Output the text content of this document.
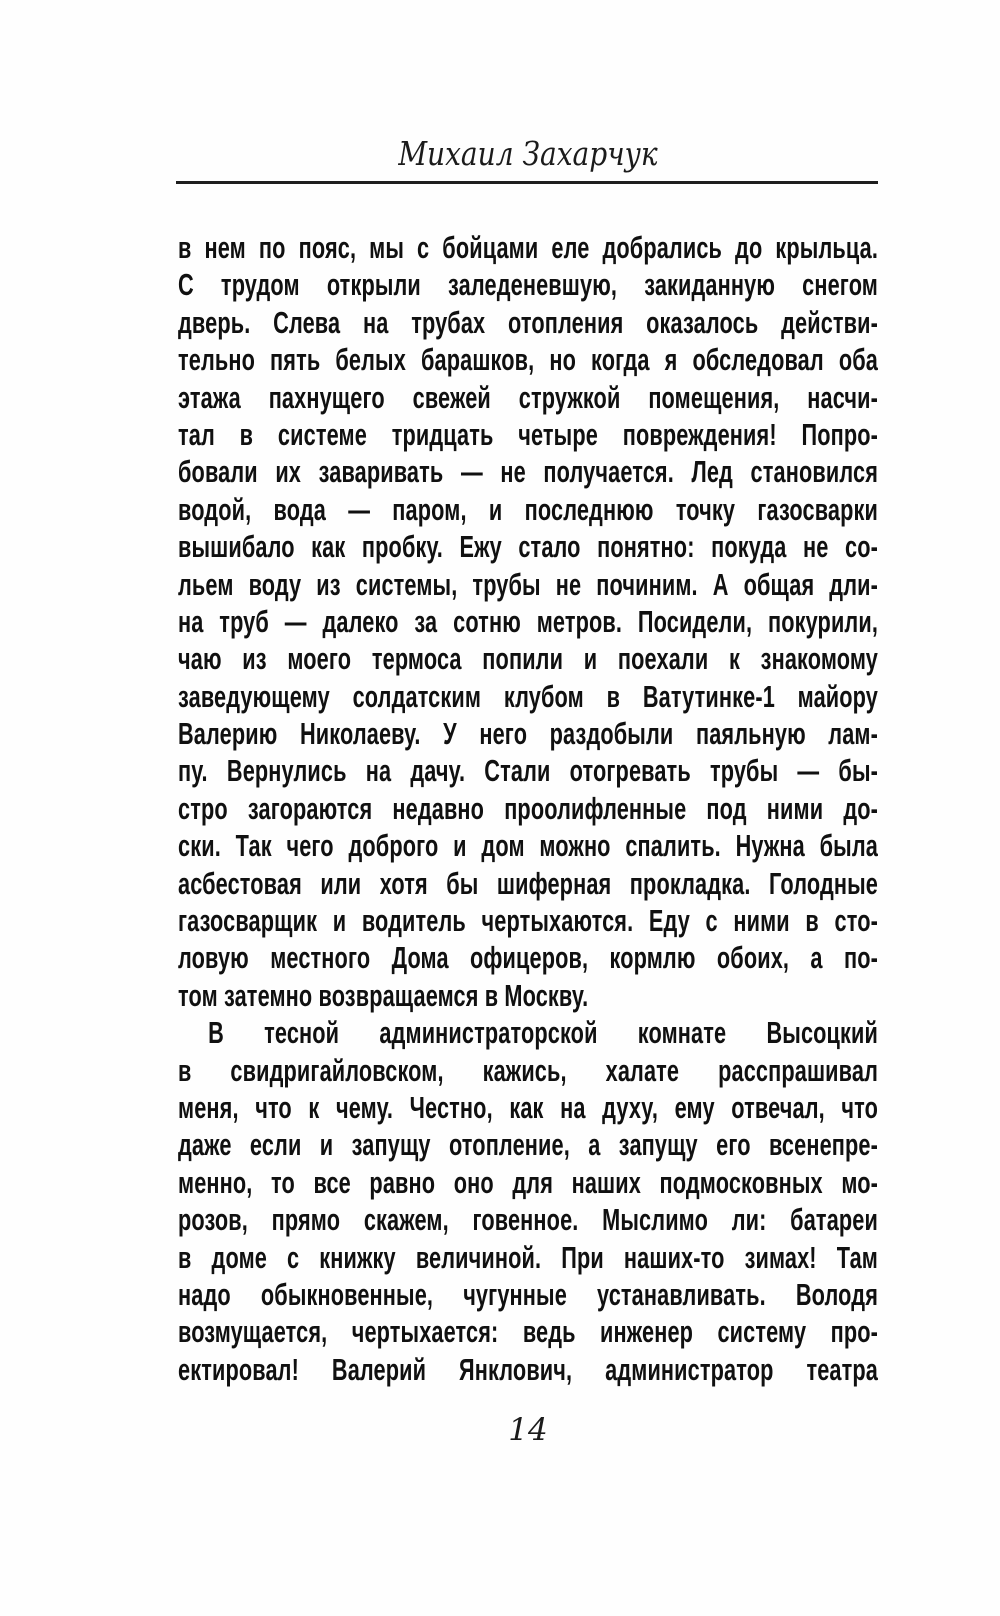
Михаил Захарчук
в нем по пояс, мы с бойцами еле добрались до крыльца.
С трудом открыли заледеневшую, закиданную снегом
дверь. Слева на трубах отопления оказалось действи-
тельно пять белых барашков, но когда я обследовал оба
этажа пахнущего свежей стружкой помещения, насчи-
тал в системе тридцать четыре повреждения! Попро-
бовали их заваривать — не получается. Лед становился
водой, вода — паром, и последнюю точку газосварки
вышибало как пробку. Ежу стало понятно: покуда не со-
льем воду из системы, трубы не починим. А общая дли-
на труб — далеко за сотню метров. Посидели, покурили,
чаю из моего термоса попили и поехали к знакомому
заведующему солдатским клубом в Ватутинке-1 майору
Валерию Николаеву. У него раздобыли паяльную лам-
пу. Вернулись на дачу. Стали отогревать трубы — бы-
стро загораются недавно проолифленные под ними до-
ски. Так чего доброго и дом можно спалить. Нужна была
асбестовая или хотя бы шиферная прокладка. Голодные
газосварщик и водитель чертыхаются. Еду с ними в сто-
ловую местного Дома офицеров, кормлю обоих, а по-
том затемно возвращаемся в Москву.
В тесной администраторской комнате Высоцкий
в свидригайловском, кажись, халате расспрашивал
меня, что к чему. Честно, как на духу, ему отвечал, что
даже если и запущу отопление, а запущу его всенепре-
менно, то все равно оно для наших подмосковных мо-
розов, прямо скажем, говенное. Мыслимо ли: батареи
в доме с книжку величиной. При наших-то зимах! Там
надо обыкновенные, чугунные устанавливать. Володя
возмущается, чертыхается: ведь инженер систему про-
ектировал! Валерий Янклович, администратор театра
14
